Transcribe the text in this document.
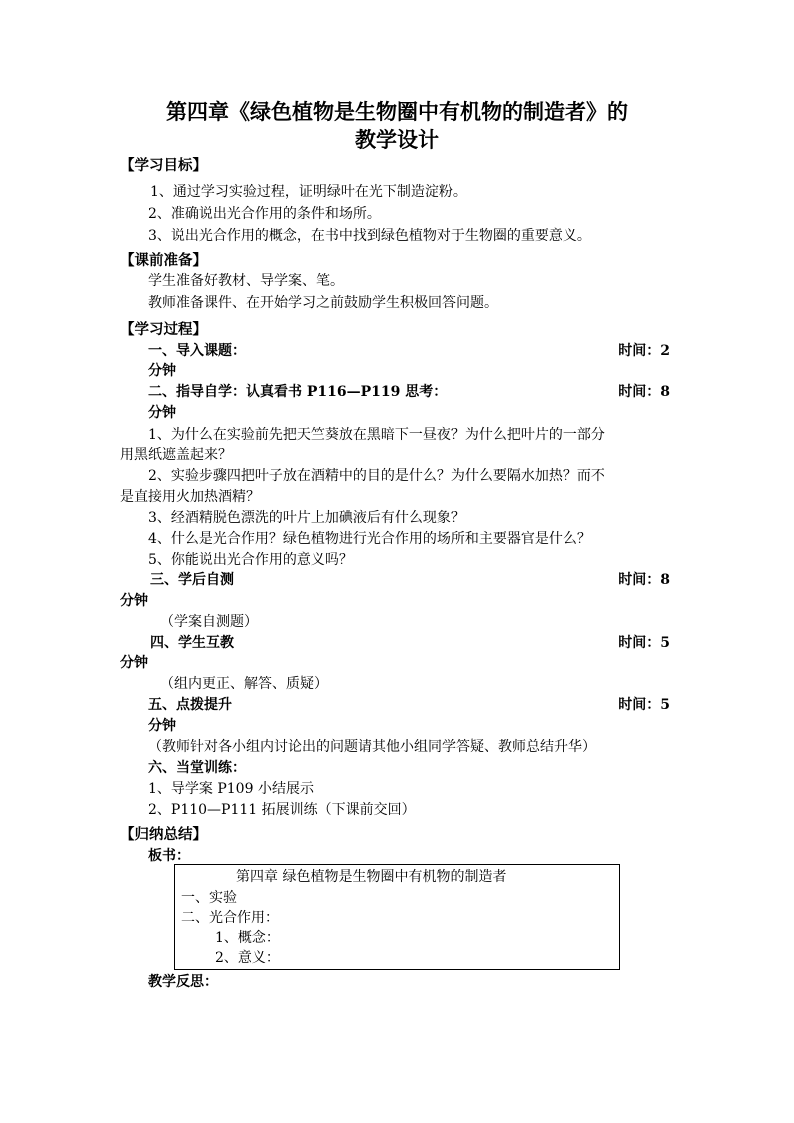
第四章《绿色植物是生物圈中有机物的制造者》的
教学设计
【学习目标】
1、通过学习实验过程，证明绿叶在光下制造淀粉。
2、准确说出光合作用的条件和场所。
3、说出光合作用的概念，在书中找到绿色植物对于生物圈的重要意义。
【课前准备】
学生准备好教材、导学案、笔。
教师准备课件、在开始学习之前鼓励学生积极回答问题。
【学习过程】
一、导入课题：	时间：2
分钟
二、指导自学：认真看书 P116—P119 思考：	时间：8
分钟
1、为什么在实验前先把天竺葵放在黑暗下一昼夜？为什么把叶片的一部分
用黑纸遮盖起来？
2、实验步骤四把叶子放在酒精中的目的是什么？为什么要隔水加热？而不
是直接用火加热酒精？
3、经酒精脱色漂洗的叶片上加碘液后有什么现象？
4、什么是光合作用？绿色植物进行光合作用的场所和主要器官是什么？
5、你能说出光合作用的意义吗？
三、学后自测	时间：8
分钟
（学案自测题）
四、学生互教	时间：5
分钟
（组内更正、解答、质疑）
五、点拨提升	时间：5
分钟
（教师针对各小组内讨论出的问题请其他小组同学答疑、教师总结升华）
六、当堂训练：
1、导学案 P109 小结展示
2、P110—P111 拓展训练（下课前交回）
【归纳总结】
板书：
第四章 绿色植物是生物圈中有机物的制造者
一、实验
二、光合作用：
1、概念：
2、意义：
教学反思：
